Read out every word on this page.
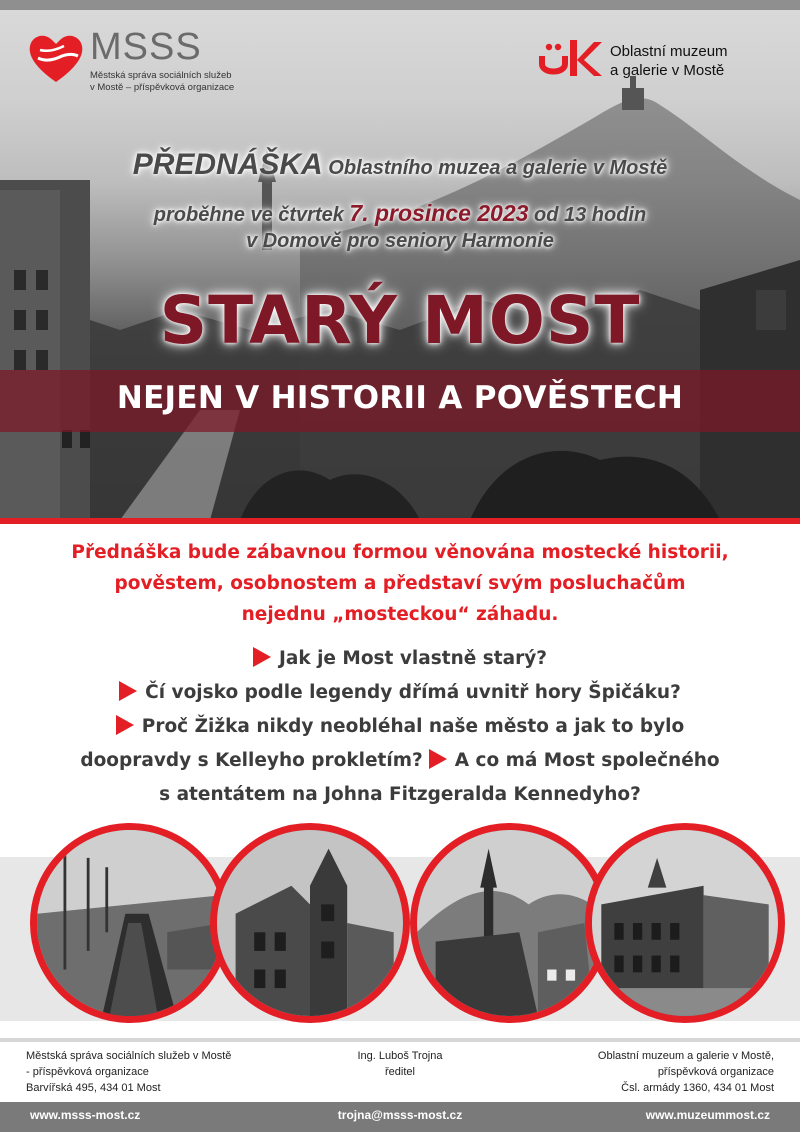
MSSS
Městská správa sociálních služeb
v Mostě – příspěvková organizace
Oblastní muzeum
a galerie v Mostě
PŘEDNÁŠKA Oblastního muzea a galerie v Mostě
proběhne ve čtvrtek 7. prosince 2023 od 13 hodin
v Domově pro seniory Harmonie
STARÝ MOST
NEJEN V HISTORII A POVĚSTECH
Přednáška bude zábavnou formou věnována mostecké historii,
pověstem, osobnostem a představí svým posluchačům
nejednu „mosteckou“ záhadu.
Jak je Most vlastně starý?
Čí vojsko podle legendy dřímá uvnitř hory Špičáku?
Proč Žižka nikdy neobléhal naše město a jak to bylo
doopravdy s Kelleyho prokletím? A co má Most společného
s atentátem na Johna Fitzgeralda Kennedyho?
Městská správa sociálních služeb v Mostě
- příspěvková organizace
Barvířská 495, 434 01 Most
Ing. Luboš Trojna
ředitel
Oblastní muzeum a galerie v Mostě,
příspěvková organizace
Čsl. armády 1360, 434 01 Most
www.msss-most.cz	trojna@msss-most.cz	www.muzeummost.cz
